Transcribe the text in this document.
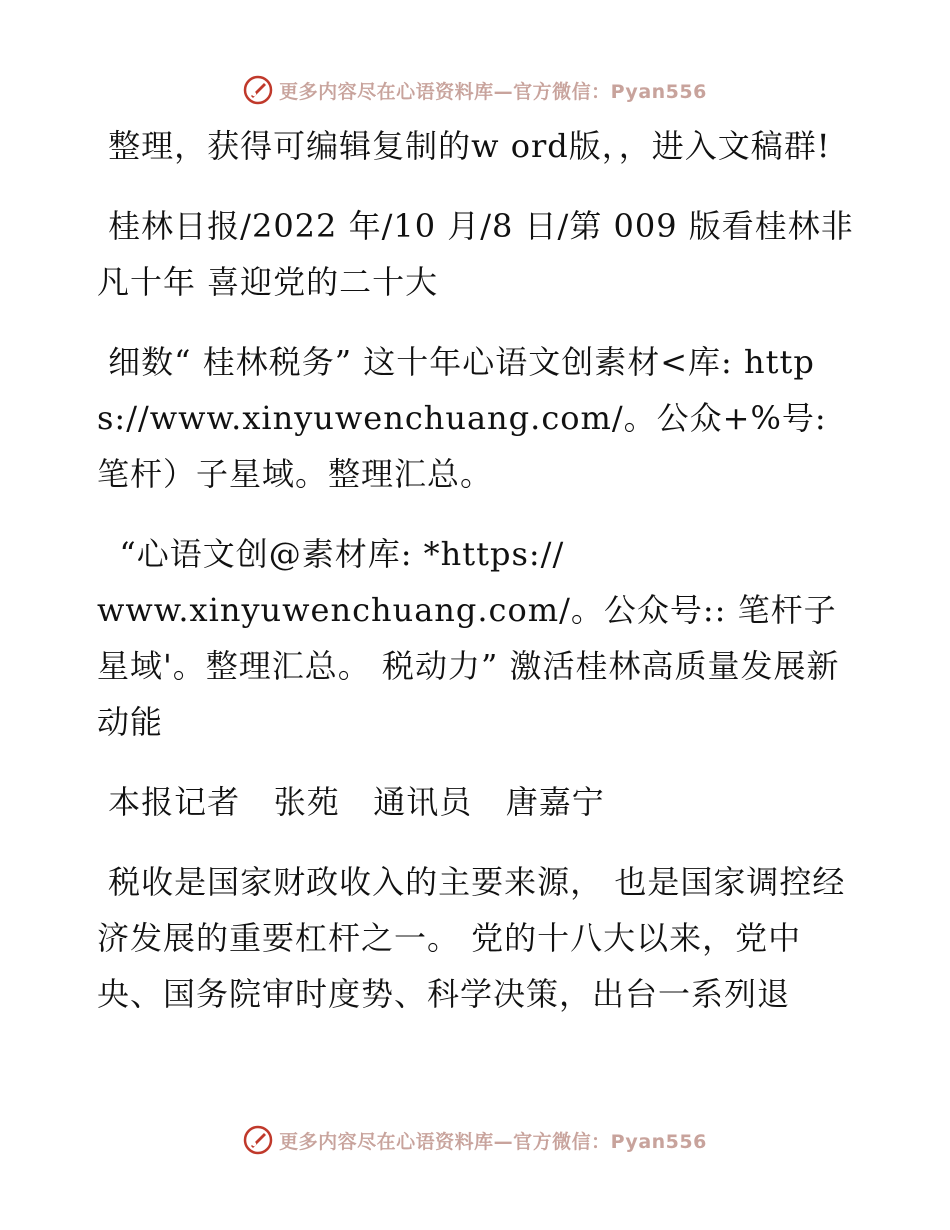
更多内容尽在心语资料库—官方微信：Pyan556

整理，获得可编辑复制的w ord版，，进入文稿群!

桂林日报/2022 年/10 月/8 日/第 009 版看桂林非凡十年 喜迎党的二十大

细数“ 桂林税务” 这十年心语文创素材<库: https://www.xinyuwenchuang.com/。公众+%号: 笔杆）子星域。整理汇总。

“心语文创@素材库: *https://
www.xinyuwenchuang.com/。公众号:: 笔杆子星域'。整理汇总。 税动力” 激活桂林高质量发展新动能

本报记者   张苑   通讯员   唐嘉宁

税收是国家财政收入的主要来源， 也是国家调控经济发展的重要杠杆之一。 党的十八大以来，党中央、国务院审时度势、科学决策，出台一系列退

更多内容尽在心语资料库—官方微信：Pyan556
